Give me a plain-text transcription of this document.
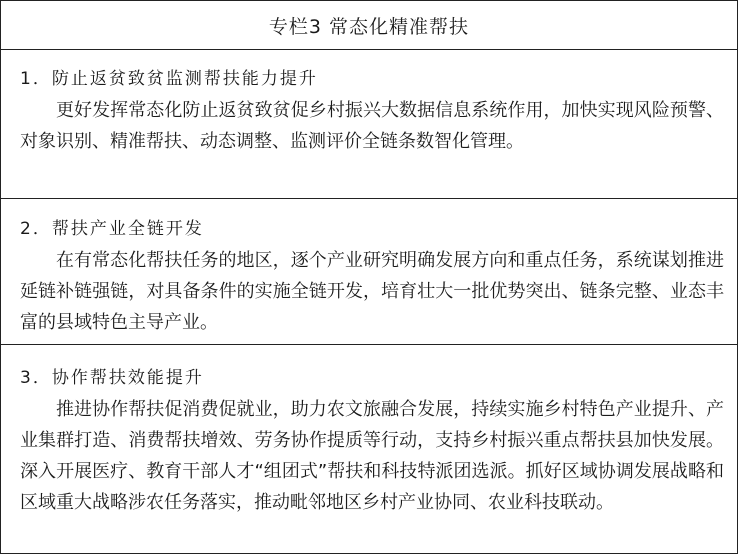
专栏3 常态化精准帮扶
1．防止返贫致贫监测帮扶能力提升

更好发挥常态化防止返贫致贫促乡村振兴大数据信息系统作用，加快实现风险预警、对象识别、精准帮扶、动态调整、监测评价全链条数智化管理。

2．帮扶产业全链开发

在有常态化帮扶任务的地区，逐个产业研究明确发展方向和重点任务，系统谋划推进延链补链强链，对具备条件的实施全链开发，培育壮大一批优势突出、链条完整、业态丰富的县域特色主导产业。

3．协作帮扶效能提升

推进协作帮扶促消费促就业，助力农文旅融合发展，持续实施乡村特色产业提升、产业集群打造、消费帮扶增效、劳务协作提质等行动，支持乡村振兴重点帮扶县加快发展。深入开展医疗、教育干部人才“组团式”帮扶和科技特派团选派。抓好区域协调发展战略和区域重大战略涉农任务落实，推动毗邻地区乡村产业协同、农业科技联动。
